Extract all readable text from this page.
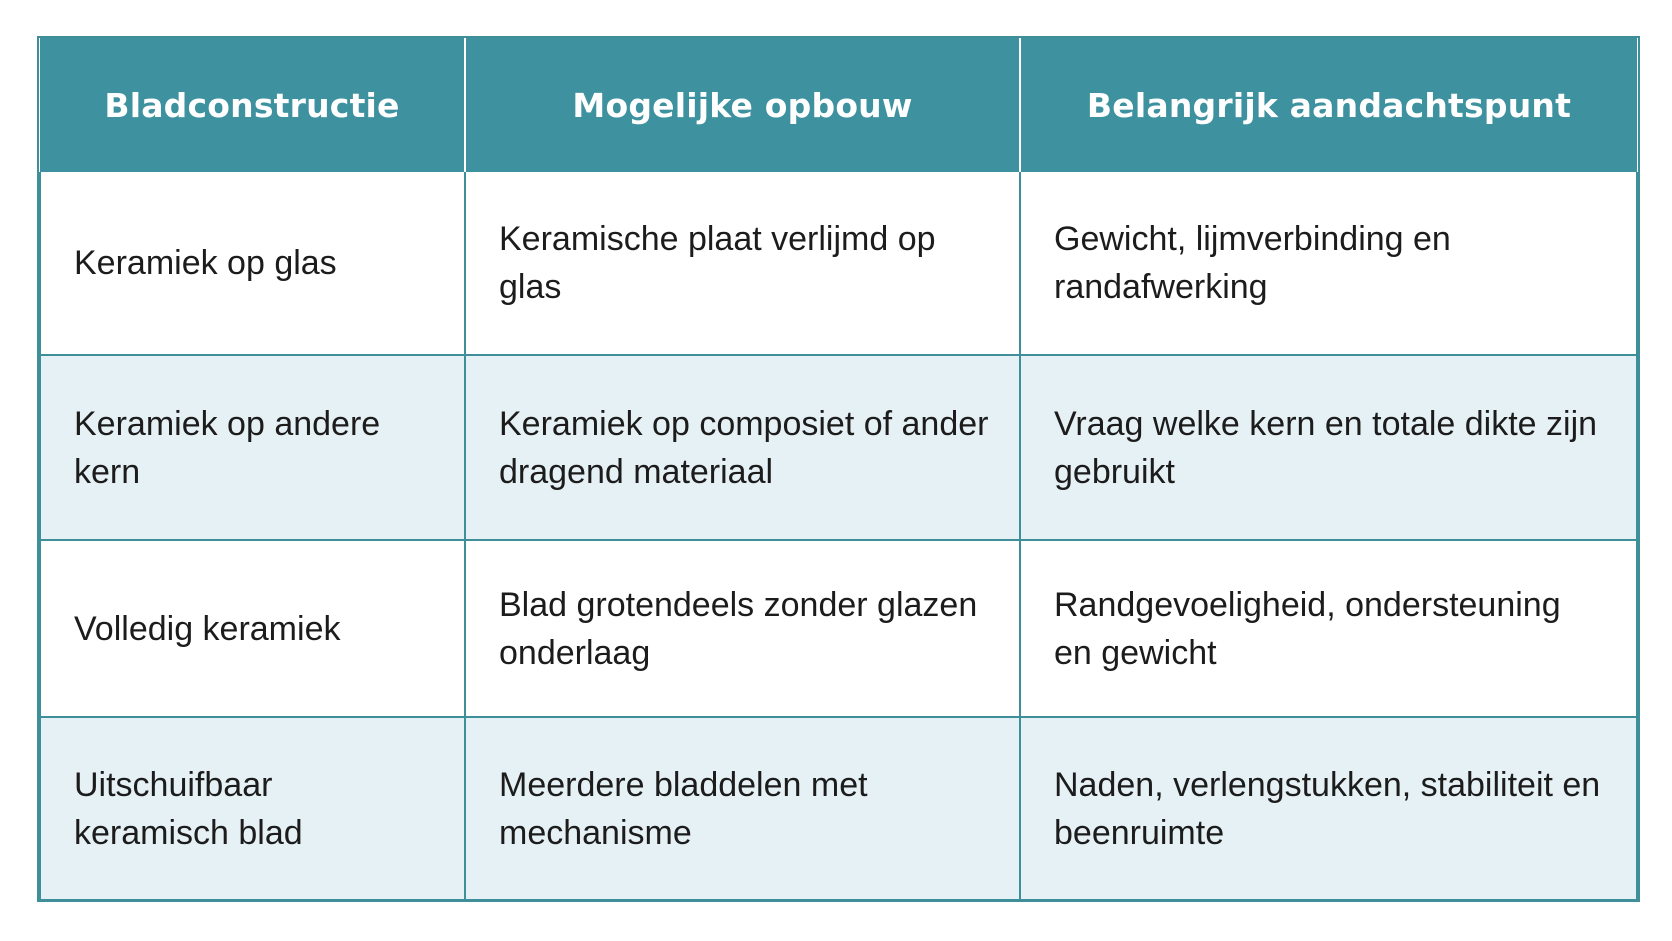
Bladconstructie	Mogelijke opbouw	Belangrijk aandachtspunt
Keramiek op glas	Keramische plaat verlijmd op glas	Gewicht, lijmverbinding en randafwerking
Keramiek op andere kern	Keramiek op composiet of ander dragend materiaal	Vraag welke kern en totale dikte zijn gebruikt
Volledig keramiek	Blad grotendeels zonder glazen onderlaag	Randgevoeligheid, ondersteuning en gewicht
Uitschuifbaar keramisch blad	Meerdere bladdelen met mechanisme	Naden, verlengstukken, stabiliteit en beenruimte
